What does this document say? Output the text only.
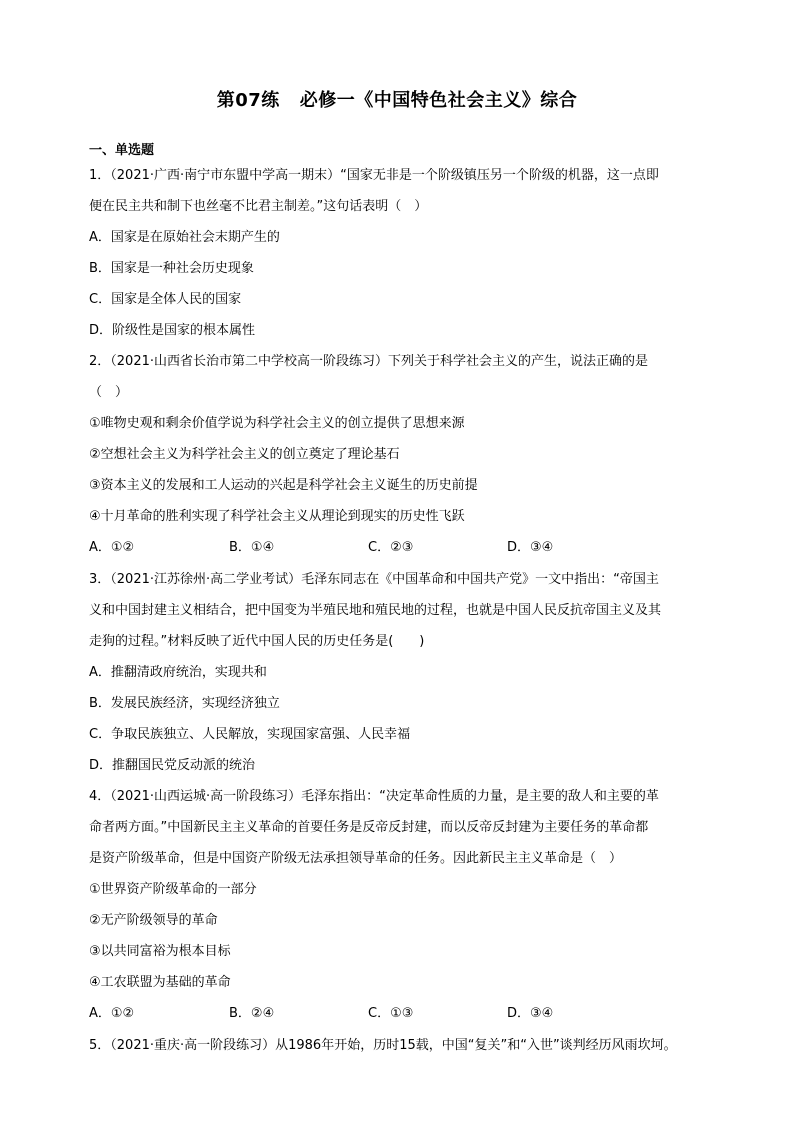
第07练 必修一《中国特色社会主义》综合
一、单选题
1．（2021·广西·南宁市东盟中学高一期末）“国家无非是一个阶级镇压另一个阶级的机器，这一点即
便在民主共和制下也丝毫不比君主制差。”这句话表明（　）
A．国家是在原始社会末期产生的
B．国家是一种社会历史现象
C．国家是全体人民的国家
D．阶级性是国家的根本属性
2．（2021·山西省长治市第二中学校高一阶段练习）下列关于科学社会主义的产生，说法正确的是
（　）
①唯物史观和剩余价值学说为科学社会主义的创立提供了思想来源
②空想社会主义为科学社会主义的创立奠定了理论基石
③资本主义的发展和工人运动的兴起是科学社会主义诞生的历史前提
④十月革命的胜利实现了科学社会主义从理论到现实的历史性飞跃
A．①②	B．①④	C．②③	D．③④
3．（2021·江苏徐州·高二学业考试）毛泽东同志在《中国革命和中国共产党》一文中指出：“帝国主
义和中国封建主义相结合，把中国变为半殖民地和殖民地的过程，也就是中国人民反抗帝国主义及其
走狗的过程。”材料反映了近代中国人民的历史任务是(　　)
A．推翻清政府统治，实现共和
B．发展民族经济，实现经济独立
C．争取民族独立、人民解放，实现国家富强、人民幸福
D．推翻国民党反动派的统治
4．（2021·山西运城·高一阶段练习）毛泽东指出：“决定革命性质的力量，是主要的敌人和主要的革
命者两方面。”中国新民主主义革命的首要任务是反帝反封建，而以反帝反封建为主要任务的革命都
是资产阶级革命，但是中国资产阶级无法承担领导革命的任务。因此新民主主义革命是（　）
①世界资产阶级革命的一部分
②无产阶级领导的革命
③以共同富裕为根本目标
④工农联盟为基础的革命
A．①②	B．②④	C．①③	D．③④
5．（2021·重庆·高一阶段练习）从1986年开始，历时15载，中国“复关”和“入世”谈判经历风雨坎坷。
